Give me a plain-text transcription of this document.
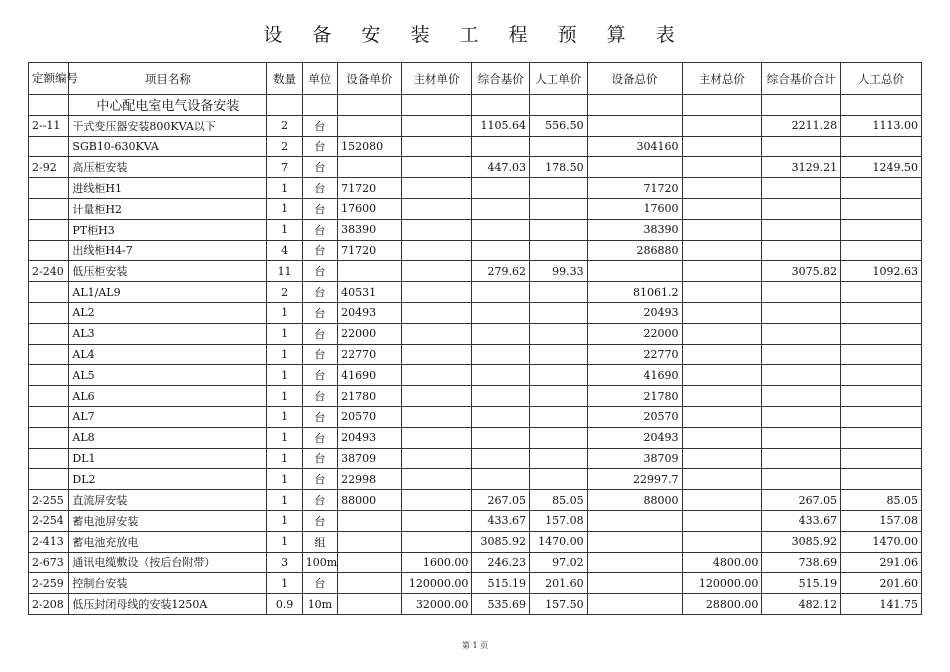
设 备 安 装 工 程 预 算 表
定额编号	项目名称	数量	单位	设备单价	主材单价	综合基价	人工单价	设备总价	主材总价	综合基价合计	人工总价
	中心配电室电气设备安装										
2--11	干式变压器安装800KVA以下	2	台			1105.64	556.50			2211.28	1113.00
	SGB10-630KVA	2	台	152080				304160			
2-92	高压柜安装	7	台			447.03	178.50			3129.21	1249.50
	进线柜H1	1	台	71720				71720			
	计量柜H2	1	台	17600				17600			
	PT柜H3	1	台	38390				38390			
	出线柜H4-7	4	台	71720				286880			
2-240	低压柜安装	11	台			279.62	99.33			3075.82	1092.63
	AL1/AL9	2	台	40531				81061.2			
	AL2	1	台	20493				20493			
	AL3	1	台	22000				22000			
	AL4	1	台	22770				22770			
	AL5	1	台	41690				41690			
	AL6	1	台	21780				21780			
	AL7	1	台	20570				20570			
	AL8	1	台	20493				20493			
	DL1	1	台	38709				38709			
	DL2	1	台	22998				22997.7			
2-255	直流屏安装	1	台	88000		267.05	85.05	88000		267.05	85.05
2-254	蓄电池屏安装	1	台			433.67	157.08			433.67	157.08
2-413	蓄电池充放电	1	组			3085.92	1470.00			3085.92	1470.00
2-673	通讯电缆敷设（按后台附带）	3	100m		1600.00	246.23	97.02		4800.00	738.69	291.06
2-259	控制台安装	1	台		120000.00	515.19	201.60		120000.00	515.19	201.60
2-208	低压封闭母线的安装1250A	0.9	10m		32000.00	535.69	157.50		28800.00	482.12	141.75
第 1 页
